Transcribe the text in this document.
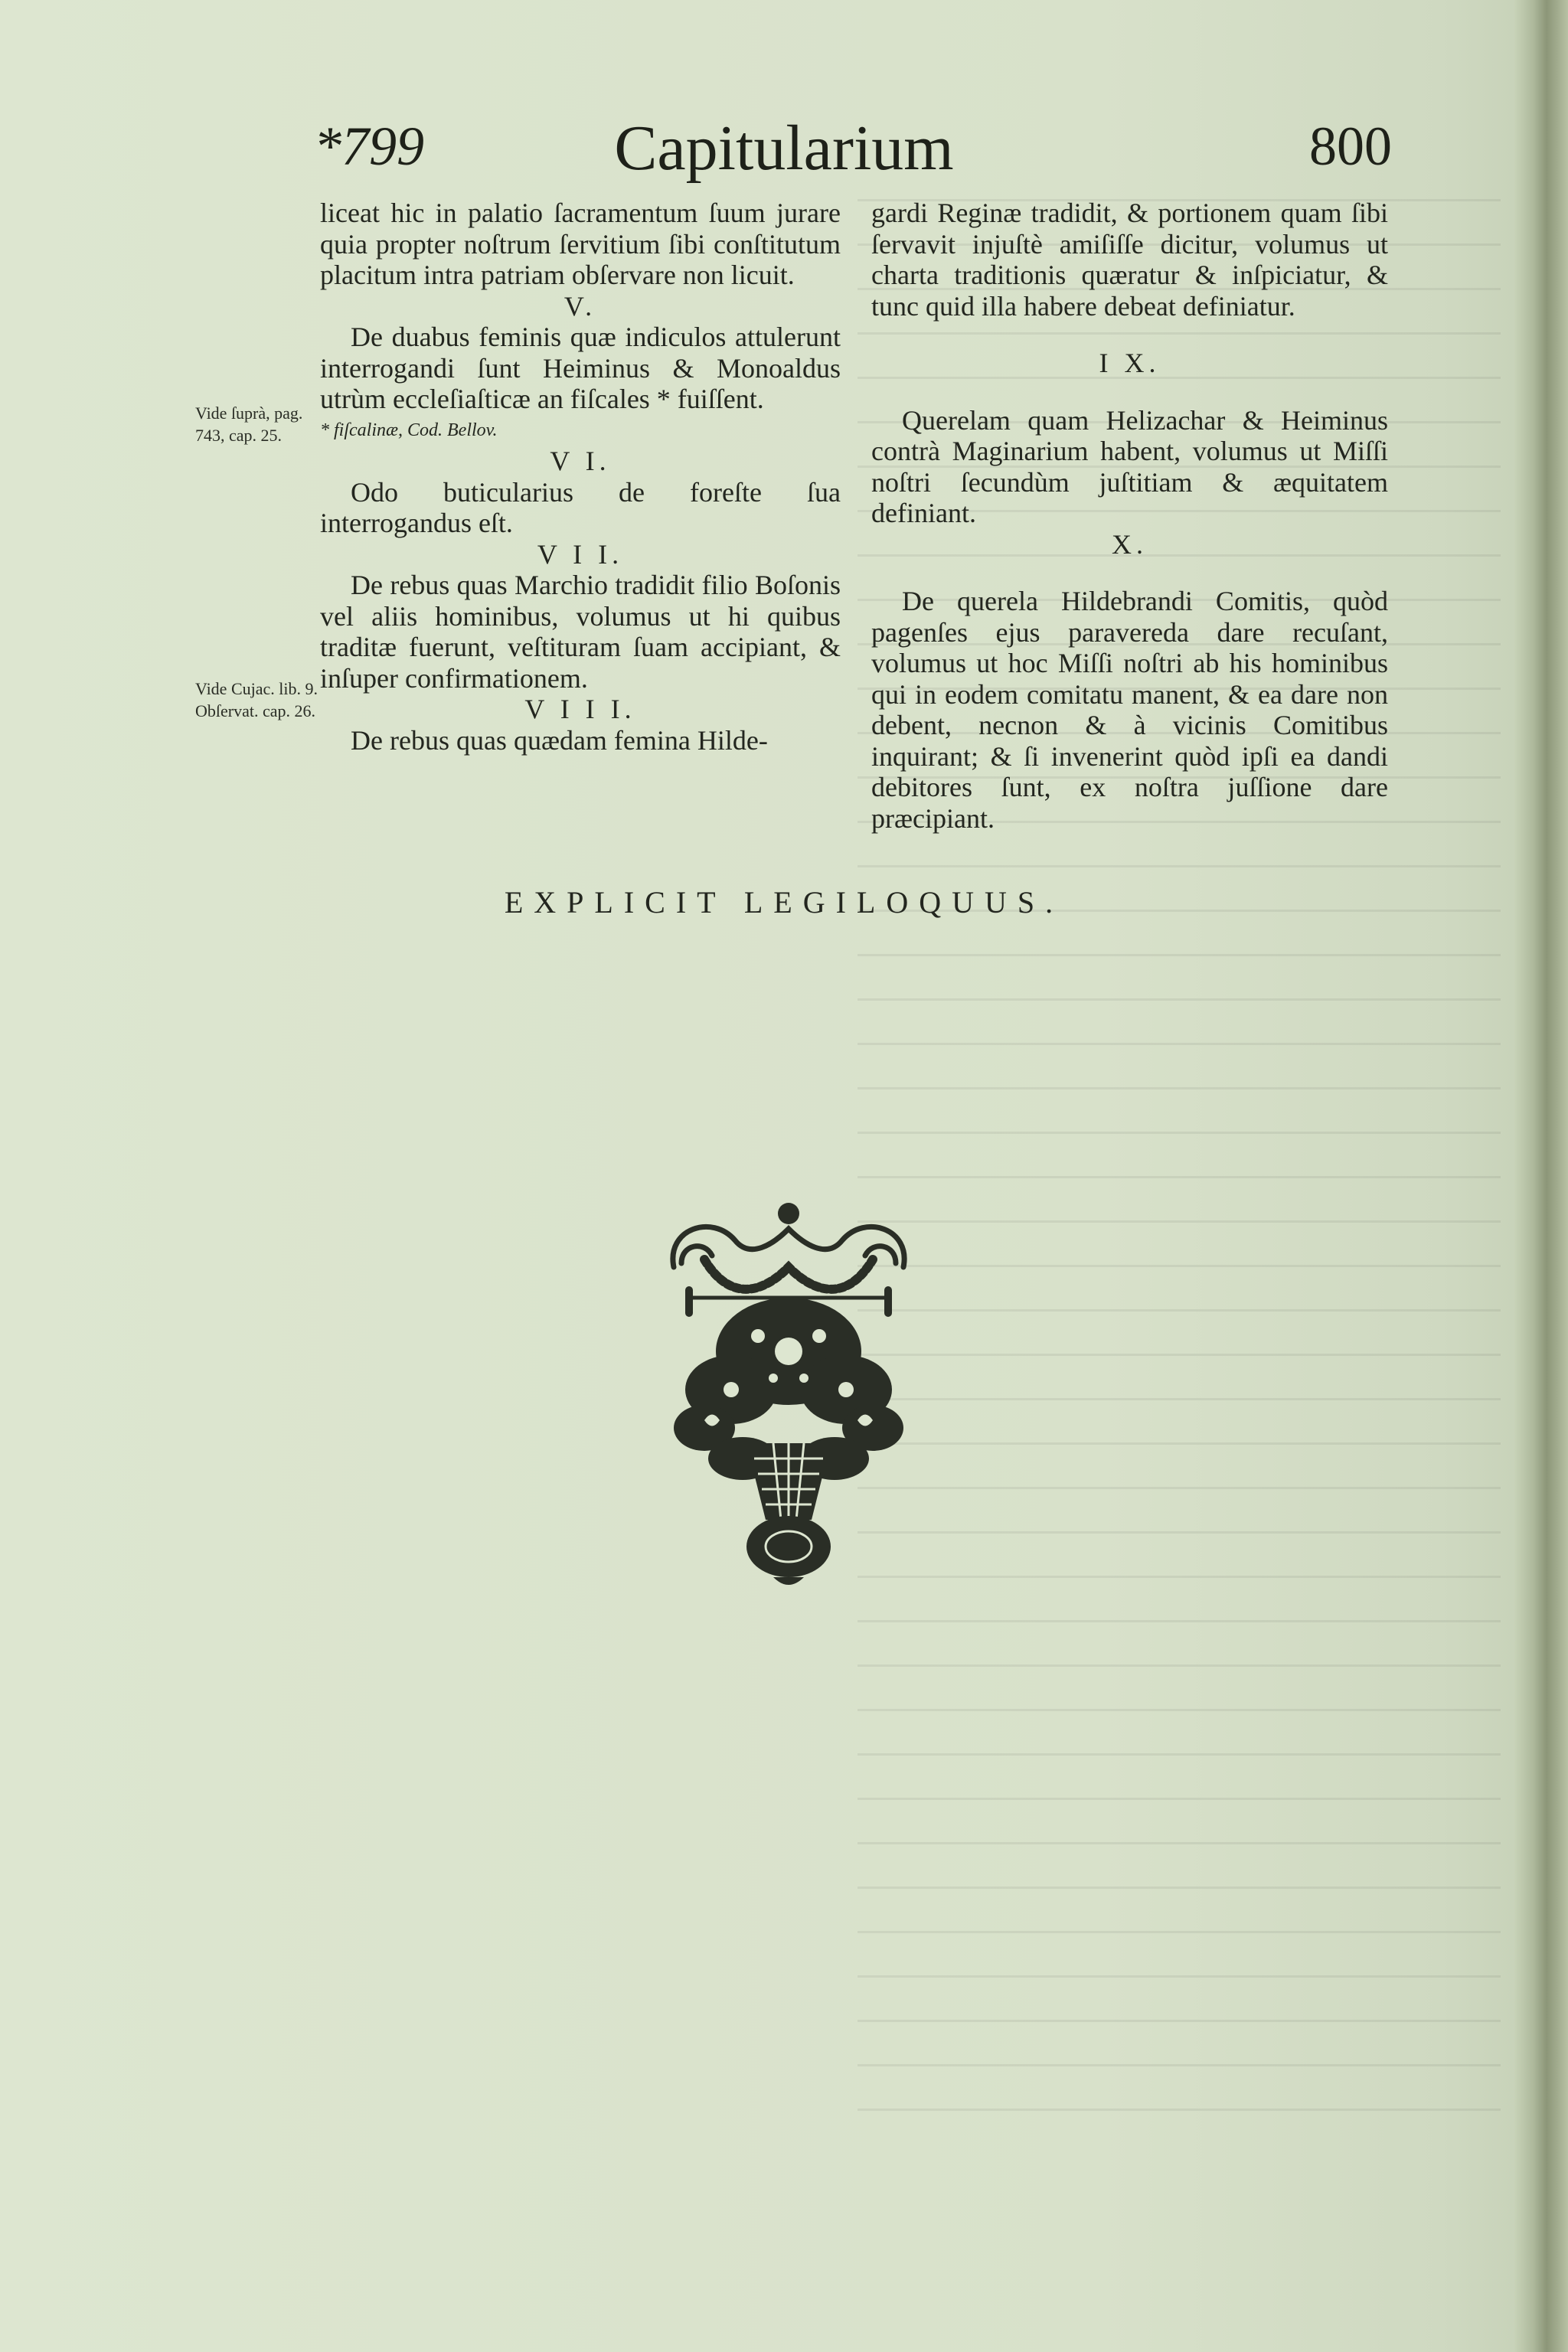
*799	Capitularium	800
Vide ſuprà, pag. 743, cap. 25.
Vide Cujac. lib. 9. Obſervat. cap. 26.

liceat hic in palatio ſacramentum ſuum jurare quia propter noſtrum ſervitium ſibi conſtitutum placitum intra patriam obſervare non licuit.

V.

De duabus feminis quæ indiculos attulerunt interrogandi ſunt Heiminus & Monoaldus utrùm eccleſiaſticæ an fiſcales * fuiſſent.

* fiſcalinæ, Cod. Bellov.

V I.

Odo buticularius de foreſte ſua interrogandus eſt.

V I I.

De rebus quas Marchio tradidit filio Boſonis vel aliis hominibus, volumus ut hi quibus traditæ fuerunt, veſtituram ſuam accipiant, & inſuper confirmationem.

V I I I.

De rebus quas quædam femina Hilde-

gardi Reginæ tradidit, & portionem quam ſibi ſervavit injuſtè amiſiſſe dicitur, volumus ut charta traditionis quæratur & inſpiciatur, & tunc quid illa habere debeat definiatur.

I X.

Querelam quam Helizachar & Heiminus contrà Maginarium habent, volumus ut Miſſi noſtri ſecundùm juſtitiam & æquitatem definiant.

X.

De querela Hildebrandi Comitis, quòd pagenſes ejus paravereda dare recuſant, volumus ut hoc Miſſi noſtri ab his hominibus qui in eodem comitatu manent, & ea dare non debent, necnon & à vicinis Comitibus inquirant; & ſi invenerint quòd ipſi ea dandi debitores ſunt, ex noſtra juſſione dare præcipiant.

EXPLICIT LEGILOQUUS.
